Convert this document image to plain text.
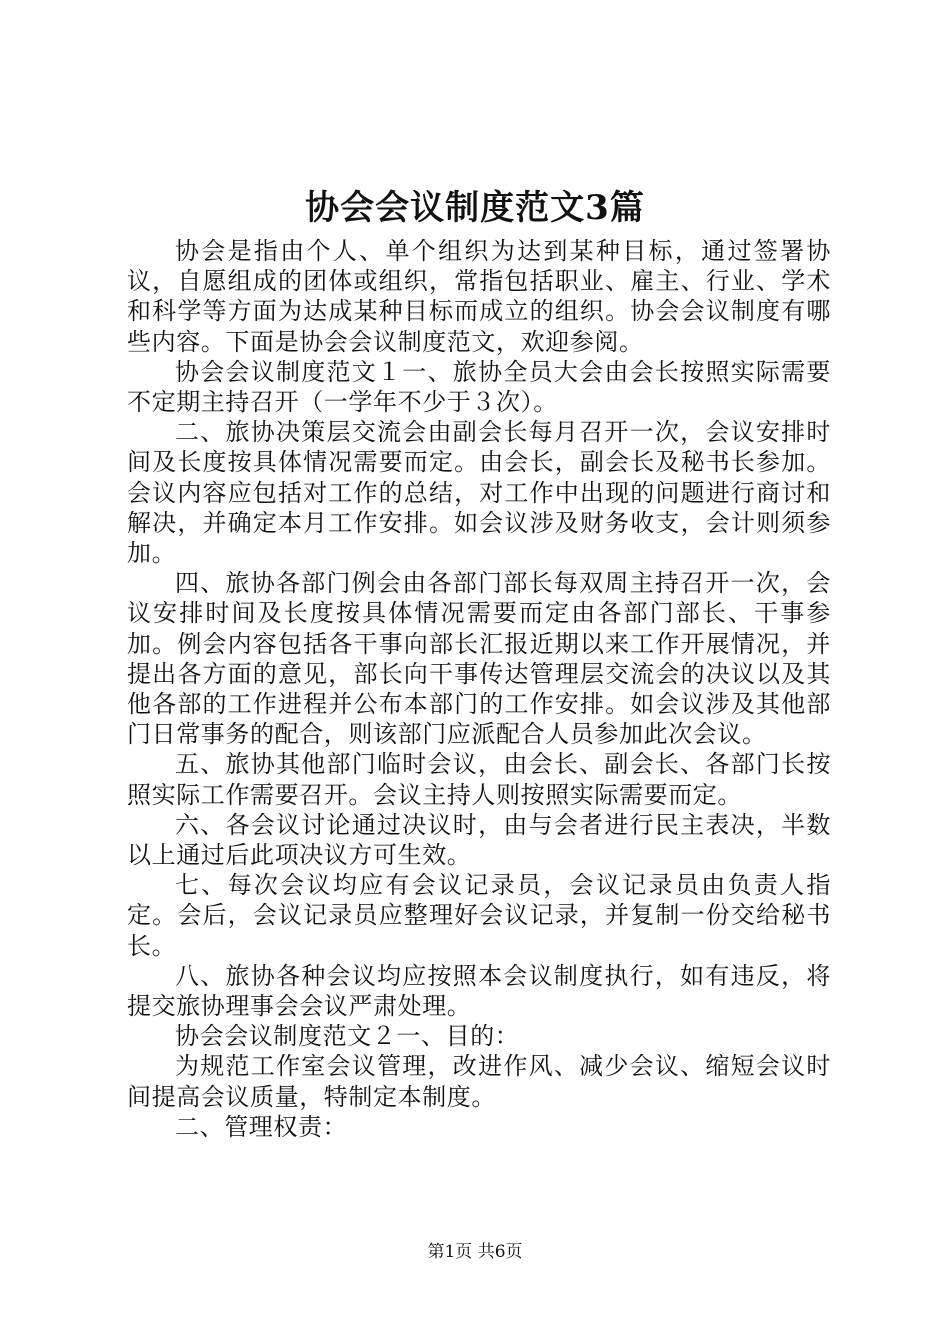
协会会议制度范文3篇

协会是指由个人、单个组织为达到某种目标，通过签署协议，自愿组成的团体或组织，常指包括职业、雇主、行业、学术和科学等方面为达成某种目标而成立的组织。协会会议制度有哪些内容。下面是协会会议制度范文，欢迎参阅。

协会会议制度范文１一、旅协全员大会由会长按照实际需要不定期主持召开（一学年不少于３次）。

二、旅协决策层交流会由副会长每月召开一次，会议安排时间及长度按具体情况需要而定。由会长，副会长及秘书长参加。会议内容应包括对工作的总结，对工作中出现的问题进行商讨和解决，并确定本月工作安排。如会议涉及财务收支，会计则须参加。

四、旅协各部门例会由各部门部长每双周主持召开一次，会议安排时间及长度按具体情况需要而定由各部门部长、干事参加。例会内容包括各干事向部长汇报近期以来工作开展情况，并提出各方面的意见，部长向干事传达管理层交流会的决议以及其他各部的工作进程并公布本部门的工作安排。如会议涉及其他部门日常事务的配合，则该部门应派配合人员参加此次会议。

五、旅协其他部门临时会议，由会长、副会长、各部门长按照实际工作需要召开。会议主持人则按照实际需要而定。

六、各会议讨论通过决议时，由与会者进行民主表决，半数以上通过后此项决议方可生效。

七、每次会议均应有会议记录员，会议记录员由负责人指定。会后，会议记录员应整理好会议记录，并复制一份交给秘书长。

八、旅协各种会议均应按照本会议制度执行，如有违反，将提交旅协理事会会议严肃处理。

协会会议制度范文２一、目的：

为规范工作室会议管理，改进作风、减少会议、缩短会议时间提高会议质量，特制定本制度。

二、管理权责：

第1页 共6页
